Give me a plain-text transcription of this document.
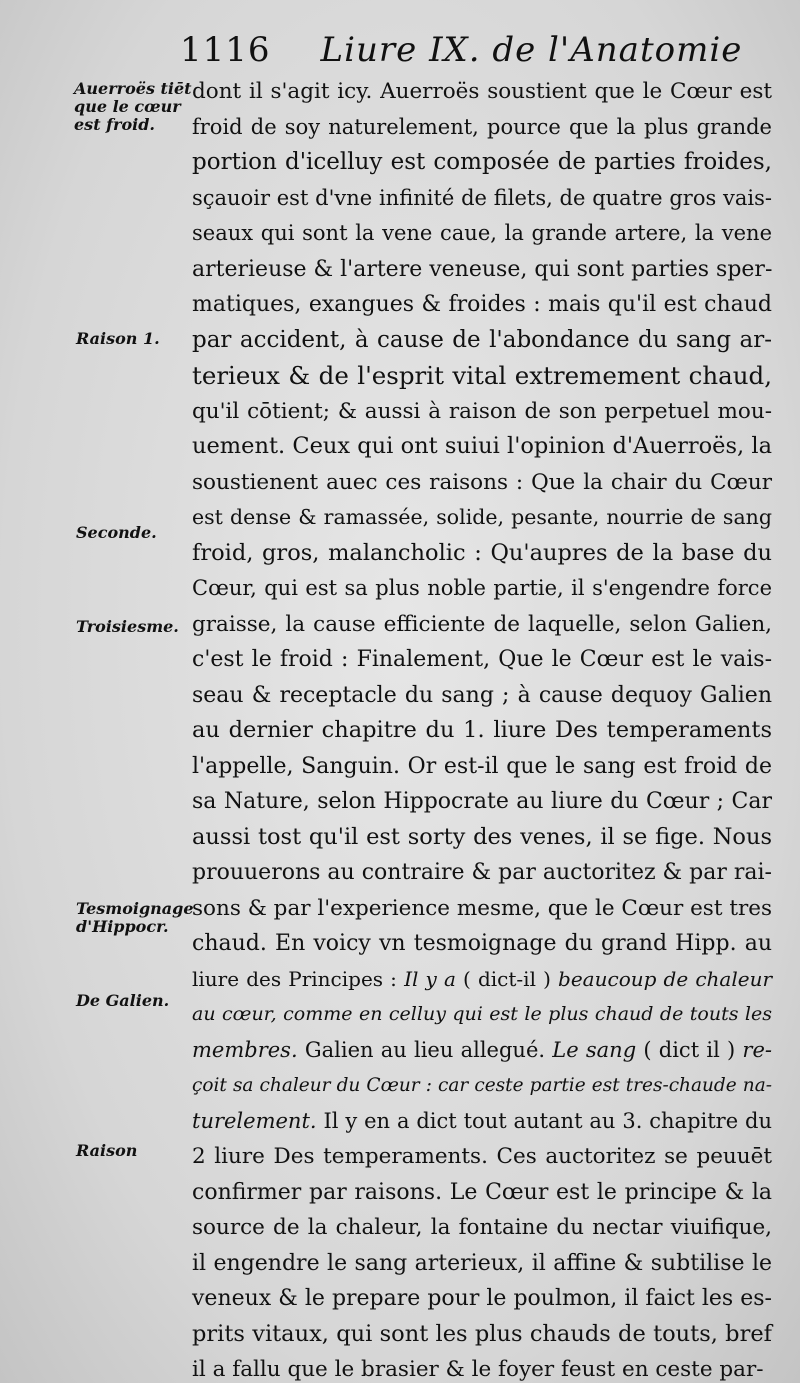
1116 Liure IX. de l'Anatomie
Auerroës tiēt
que le cœur
est froid.
Raison 1.
Seconde.
Troisiesme.
Tesmoignage
d'Hippocr.
De Galien.
Raison
dont il s'agit icy. Auerroës soustient que le Cœur est
froid de soy naturelement, pource que la plus grande
portion d'icelluy est composée de parties froides,
sçauoir est d'vne infinité de filets, de quatre gros vais-
seaux qui sont la vene caue, la grande artere, la vene
arterieuse & l'artere veneuse, qui sont parties sper-
matiques, exangues & froides : mais qu'il est chaud
par accident, à cause de l'abondance du sang ar-
terieux & de l'esprit vital extremement chaud,
qu'il cōtient; & aussi à raison de son perpetuel mou-
uement. Ceux qui ont suiui l'opinion d'Auerroës, la
soustienent auec ces raisons : Que la chair du Cœur
est dense & ramassée, solide, pesante, nourrie de sang
froid, gros, malancholic : Qu'aupres de la base du
Cœur, qui est sa plus noble partie, il s'engendre force
graisse, la cause efficiente de laquelle, selon Galien,
c'est le froid : Finalement, Que le Cœur est le vais-
seau & receptacle du sang ; à cause dequoy Galien
au dernier chapitre du 1. liure Des temperaments
l'appelle, Sanguin. Or est-il que le sang est froid de
sa Nature, selon Hippocrate au liure du Cœur ; Car
aussi tost qu'il est sorty des venes, il se fige. Nous
prouuerons au contraire & par auctoritez & par rai-
sons & par l'experience mesme, que le Cœur est tres
chaud. En voicy vn tesmoignage du grand Hipp. au
liure des Principes : Il y a ( dict-il ) beaucoup de chaleur
au cœur, comme en celluy qui est le plus chaud de touts les
membres. Galien au lieu allegué. Le sang ( dict il ) re-
çoit sa chaleur du Cœur : car ceste partie est tres-chaude na-
turelement. Il y en a dict tout autant au 3. chapitre du
2 liure Des temperaments. Ces auctoritez se peuuēt
confirmer par raisons. Le Cœur est le principe & la
source de la chaleur, la fontaine du nectar viuifique,
il engendre le sang arterieux, il affine & subtilise le
veneux & le prepare pour le poulmon, il faict les es-
prits vitaux, qui sont les plus chauds de touts, bref
il a fallu que le brasier & le foyer feust en ceste par-
